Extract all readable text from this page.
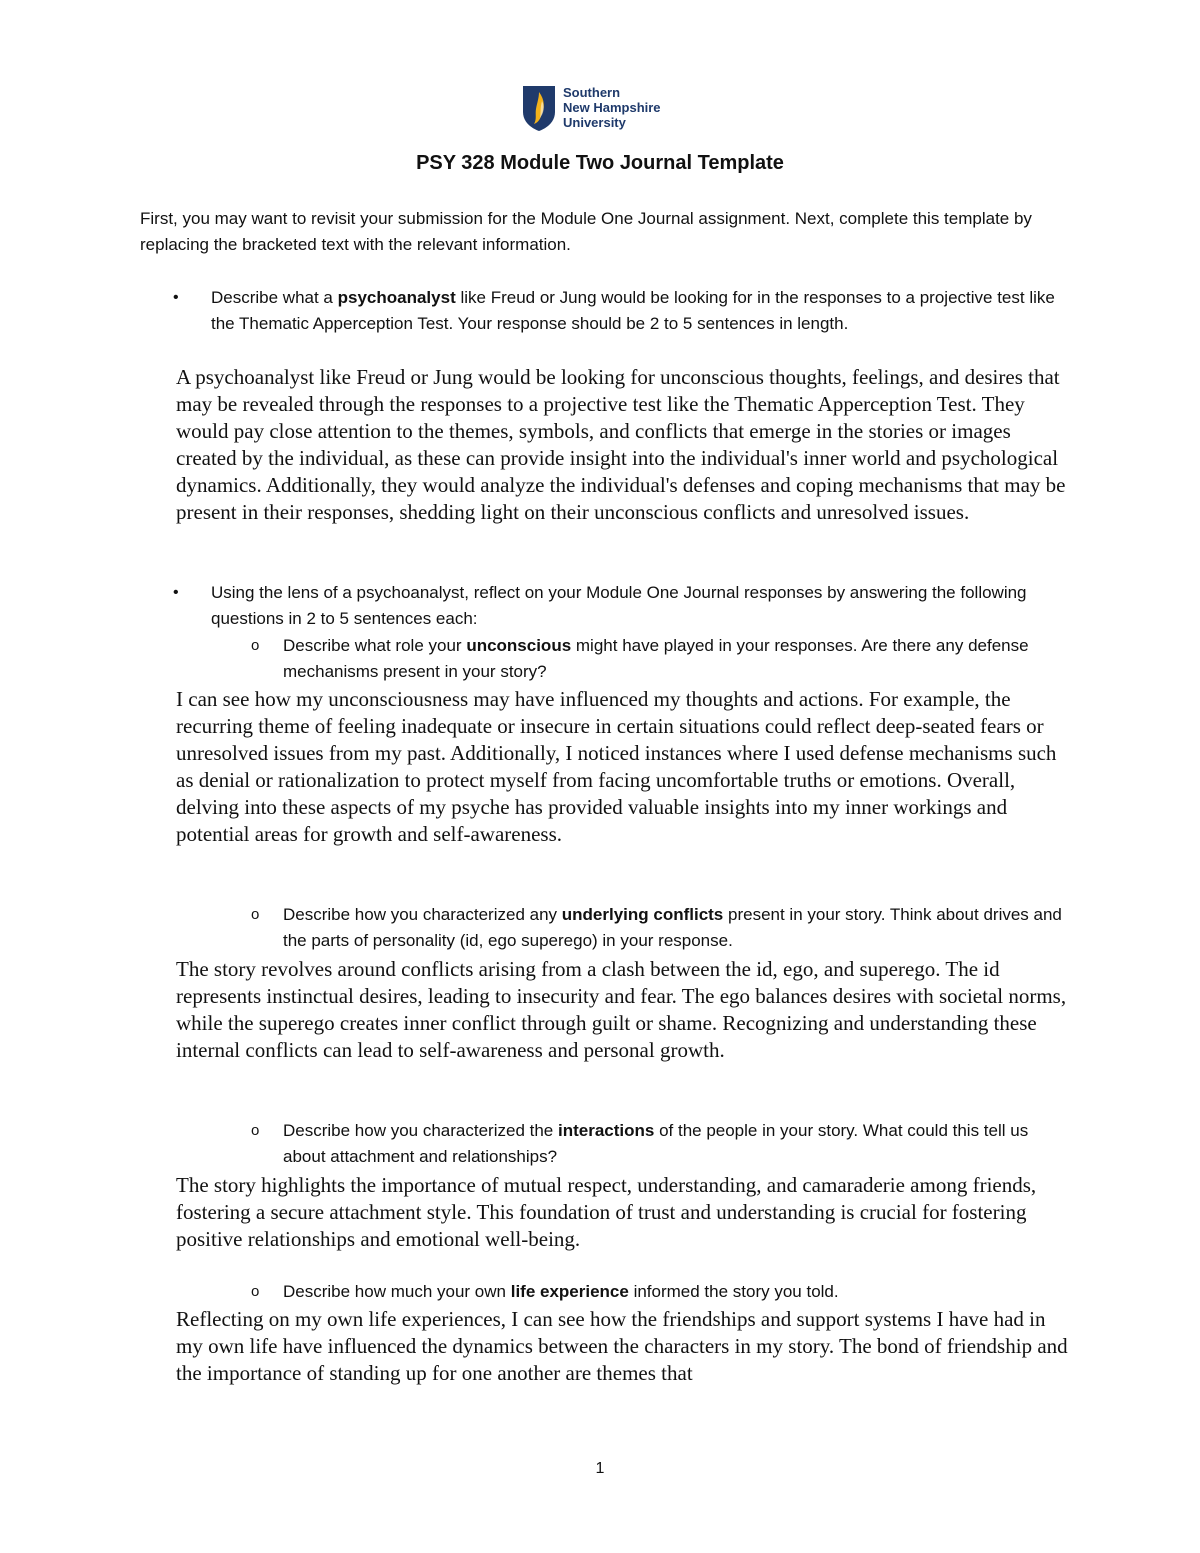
Southern
New Hampshire
University
PSY 328 Module Two Journal Template

First, you may want to revisit your submission for the Module One Journal assignment. Next, complete this template by replacing the bracketed text with the relevant information.

• Describe what a psychoanalyst like Freud or Jung would be looking for in the responses to a projective test like the Thematic Apperception Test. Your response should be 2 to 5 sentences in length.

A psychoanalyst like Freud or Jung would be looking for unconscious thoughts, feelings, and desires that may be revealed through the responses to a projective test like the Thematic Apperception Test. They would pay close attention to the themes, symbols, and conflicts that emerge in the stories or images created by the individual, as these can provide insight into the individual's inner world and psychological dynamics. Additionally, they would analyze the individual's defenses and coping mechanisms that may be present in their responses, shedding light on their unconscious conflicts and unresolved issues.

• Using the lens of a psychoanalyst, reflect on your Module One Journal responses by answering the following questions in 2 to 5 sentences each:

o Describe what role your unconscious might have played in your responses. Are there any defense mechanisms present in your story?

I can see how my unconsciousness may have influenced my thoughts and actions. For example, the recurring theme of feeling inadequate or insecure in certain situations could reflect deep-seated fears or unresolved issues from my past. Additionally, I noticed instances where I used defense mechanisms such as denial or rationalization to protect myself from facing uncomfortable truths or emotions. Overall, delving into these aspects of my psyche has provided valuable insights into my inner workings and potential areas for growth and self-awareness.

o Describe how you characterized any underlying conflicts present in your story. Think about drives and the parts of personality (id, ego superego) in your response.

The story revolves around conflicts arising from a clash between the id, ego, and superego. The id represents instinctual desires, leading to insecurity and fear. The ego balances desires with societal norms, while the superego creates inner conflict through guilt or shame. Recognizing and understanding these internal conflicts can lead to self-awareness and personal growth.

o Describe how you characterized the interactions of the people in your story. What could this tell us about attachment and relationships?

The story highlights the importance of mutual respect, understanding, and camaraderie among friends, fostering a secure attachment style. This foundation of trust and understanding is crucial for fostering positive relationships and emotional well-being.

o Describe how much your own life experience informed the story you told.

Reflecting on my own life experiences, I can see how the friendships and support systems I have had in my own life have influenced the dynamics between the characters in my story. The bond of friendship and the importance of standing up for one another are themes that

1
